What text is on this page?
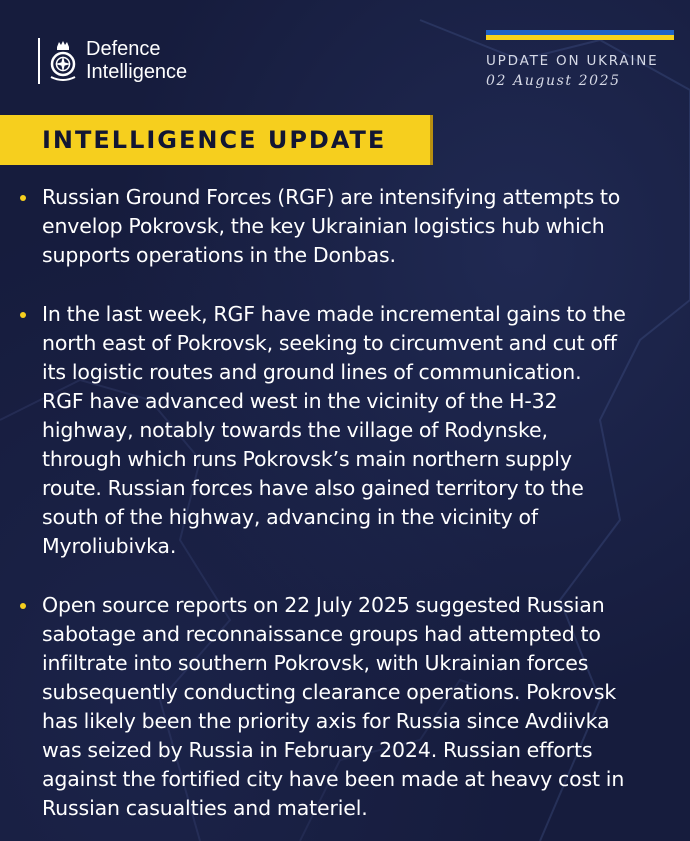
Defence
Intelligence	UPDATE ON UKRAINE
02 August 2025
INTELLIGENCE UPDATE
Russian Ground Forces (RGF) are intensifying attempts to
envelop Pokrovsk, the key Ukrainian logistics hub which
supports operations in the Donbas.
In the last week, RGF have made incremental gains to the
north east of Pokrovsk, seeking to circumvent and cut off
its logistic routes and ground lines of communication.
RGF have advanced west in the vicinity of the H-32
highway, notably towards the village of Rodynske,
through which runs Pokrovsk’s main northern supply
route. Russian forces have also gained territory to the
south of the highway, advancing in the vicinity of
Myroliubivka.
Open source reports on 22 July 2025 suggested Russian
sabotage and reconnaissance groups had attempted to
infiltrate into southern Pokrovsk, with Ukrainian forces
subsequently conducting clearance operations. Pokrovsk
has likely been the priority axis for Russia since Avdiivka
was seized by Russia in February 2024. Russian efforts
against the fortified city have been made at heavy cost in
Russian casualties and materiel.
